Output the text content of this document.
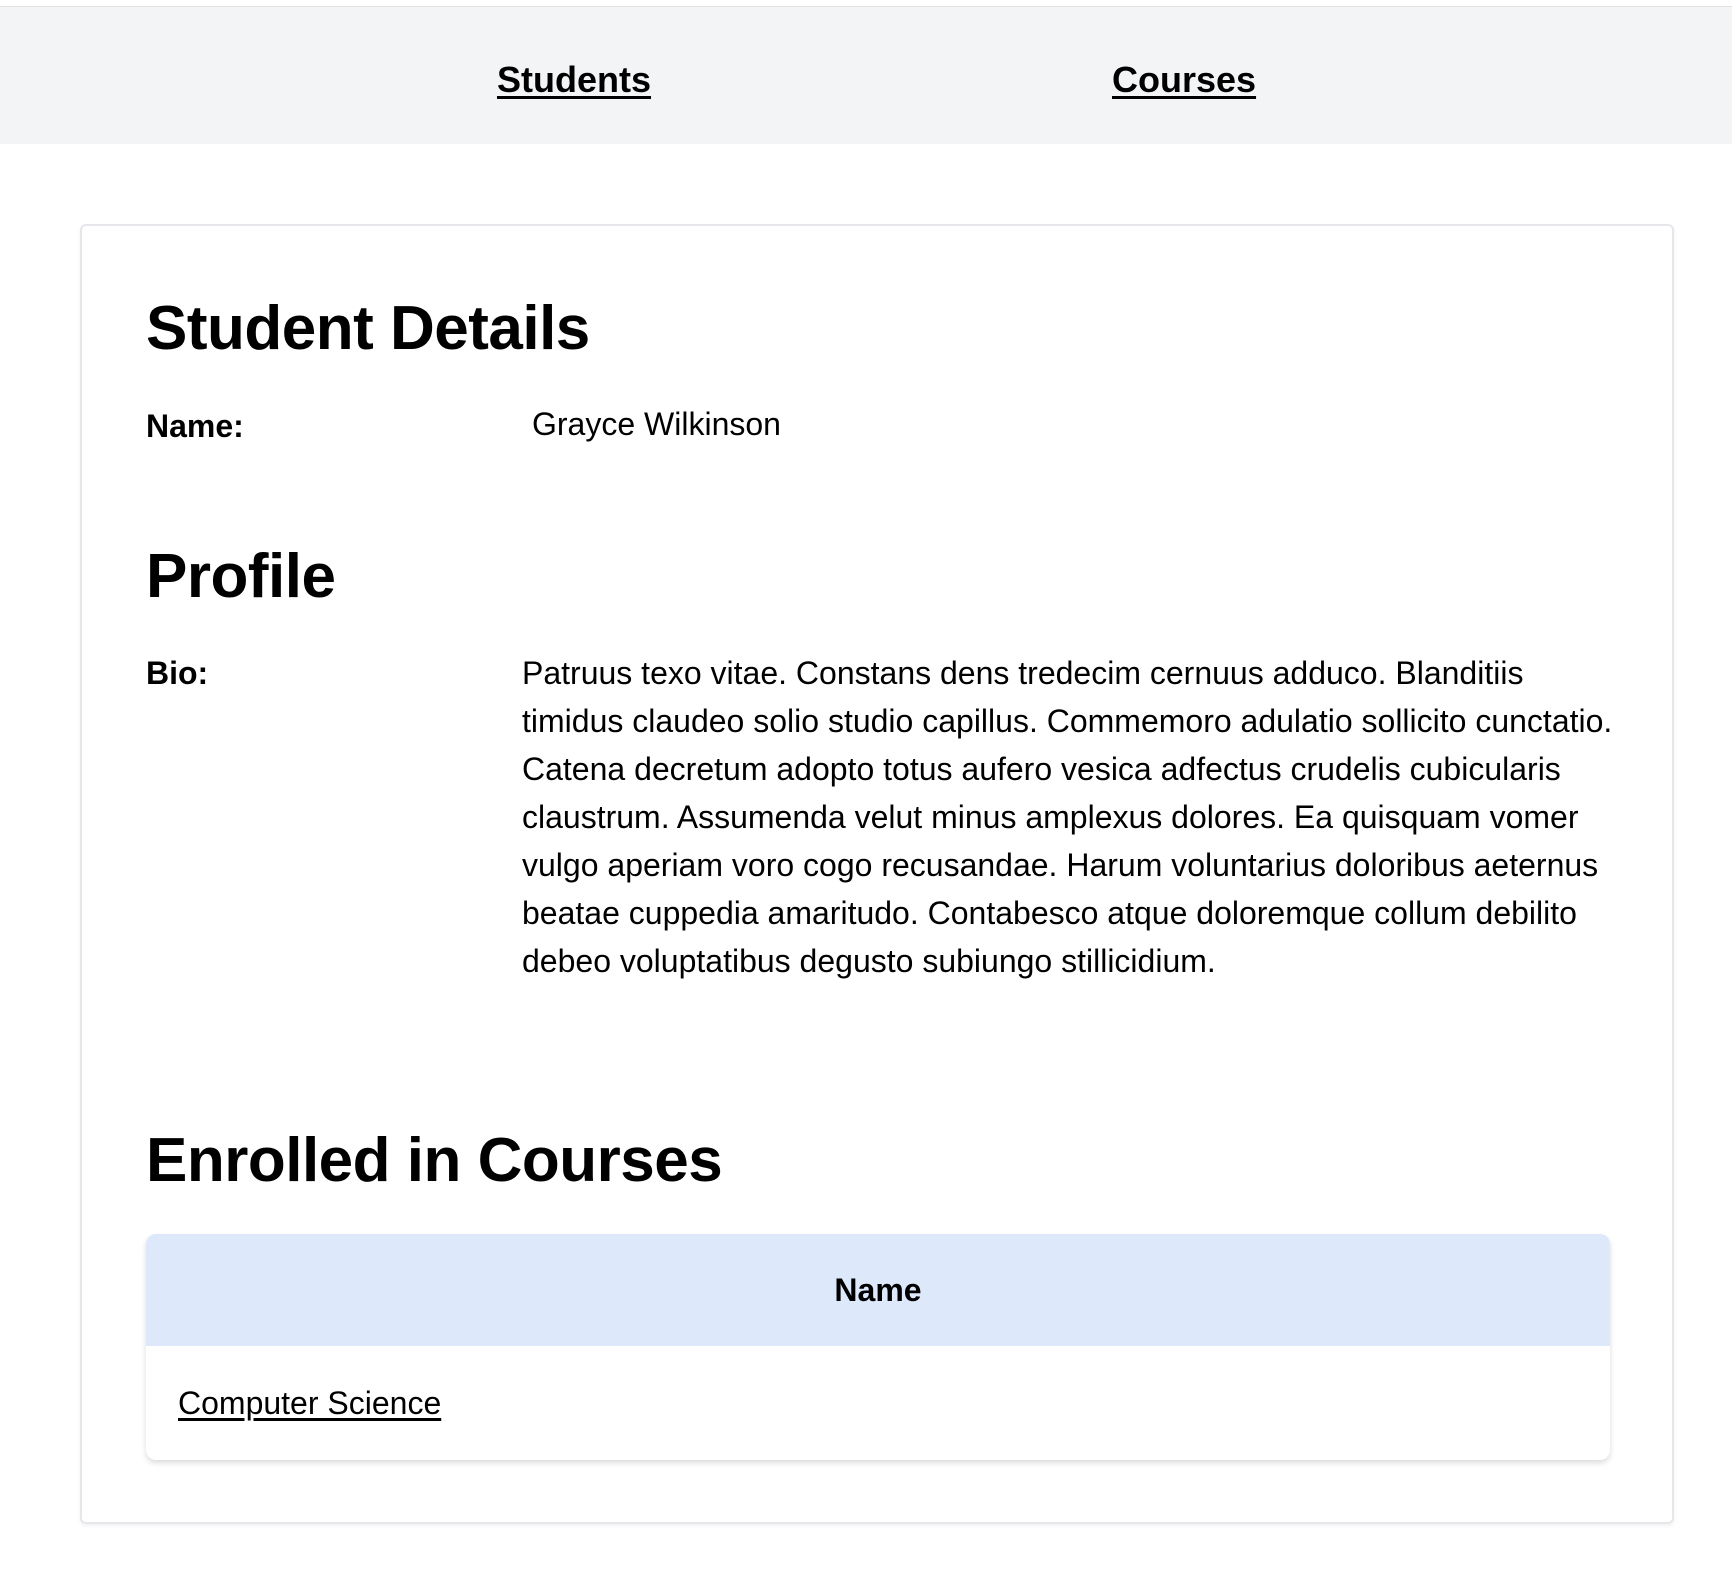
Students	Courses
Student Details
Name:	Grayce Wilkinson
Profile
Bio:	Patruus texo vitae. Constans dens tredecim cernuus adduco. Blanditiis timidus claudeo solio studio capillus. Commemoro adulatio sollicito cunctatio. Catena decretum adopto totus aufero vesica adfectus crudelis cubicularis claustrum. Assumenda velut minus amplexus dolores. Ea quisquam vomer vulgo aperiam voro cogo recusandae. Harum voluntarius doloribus aeternus beatae cuppedia amaritudo. Contabesco atque doloremque collum debilito debeo voluptatibus degusto subiungo stillicidium.
Enrolled in Courses
Name
Computer Science
